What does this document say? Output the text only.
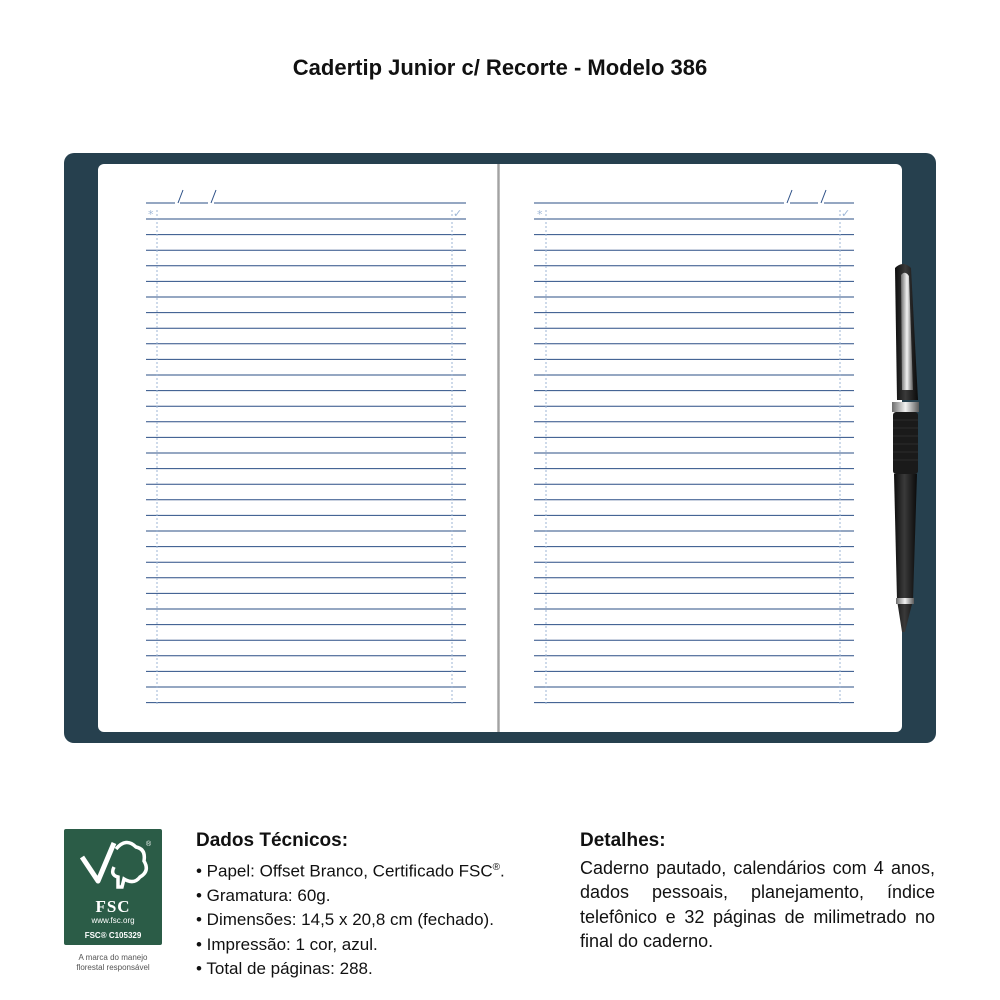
Cadertip Junior c/ Recorte - Modelo 386
*	*
✓	✓
®
FSC
www.fsc.org
FSC® C105329
A marca do manejo
florestal responsável
Dados Técnicos:
• Papel: Offset Branco, Certificado FSC®.
• Gramatura: 60g.
• Dimensões: 14,5 x 20,8 cm (fechado).
• Impressão: 1 cor, azul.
• Total de páginas: 288.
Detalhes:
Caderno pautado, calendários com 4 anos, dados pessoais, planejamento, índice telefônico e 32 páginas de milimetrado no final do caderno.
